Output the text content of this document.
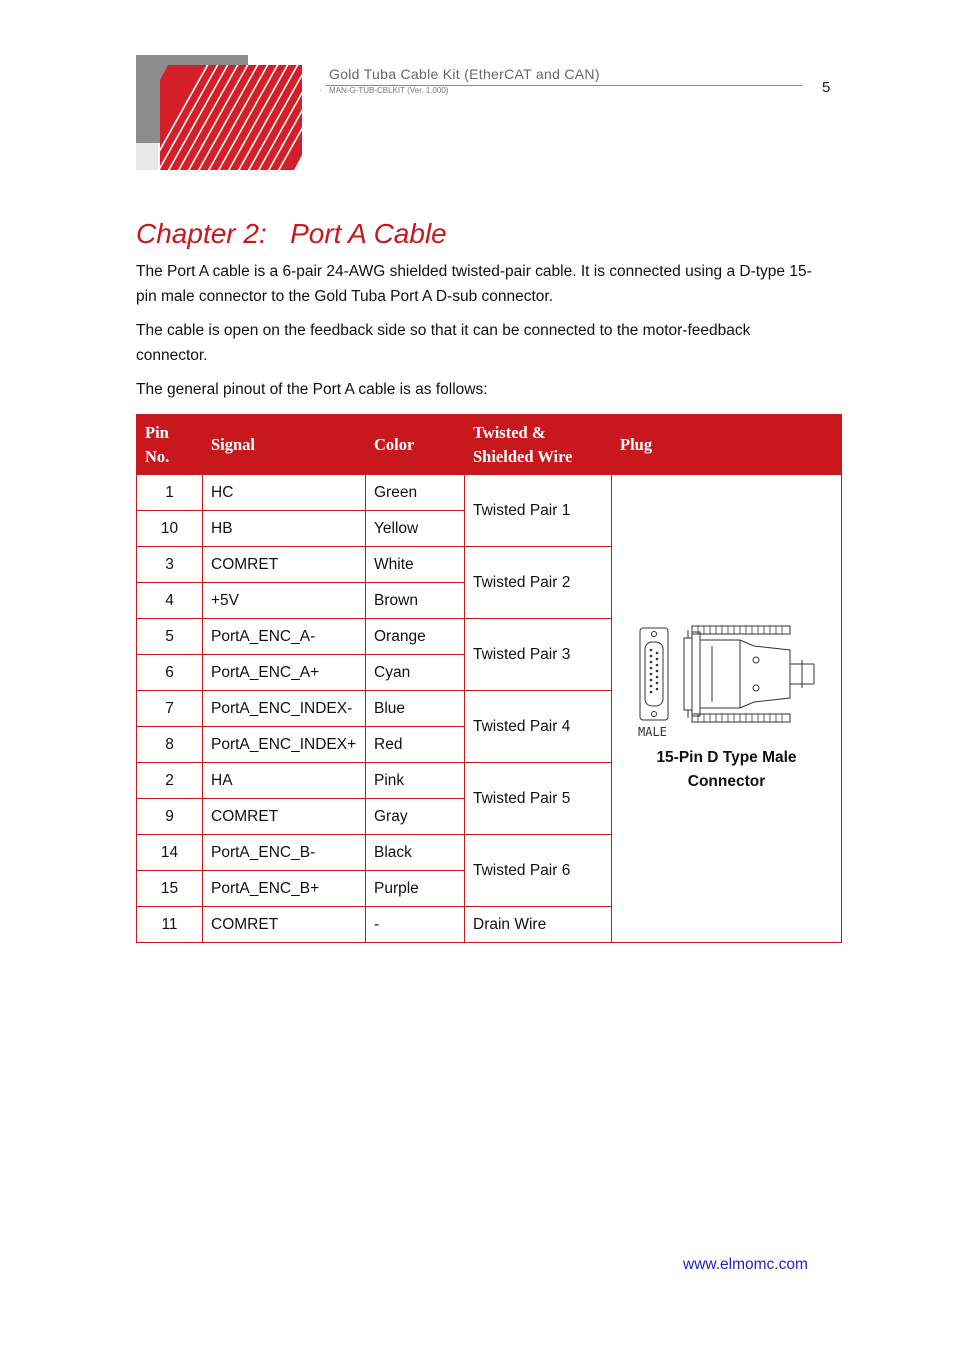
Gold Tuba Cable Kit (EtherCAT and CAN)
· MAN-G-TUB-CBLKIT (Ver. 1.000)	5
Chapter 2:   Port A Cable

The Port A cable is a 6-pair 24-AWG shielded twisted-pair cable. It is connected using a D-type 15-pin male connector to the Gold Tuba Port A D-sub connector.

The cable is open on the feedback side so that it can be connected to the motor-feedback connector.

The general pinout of the Port A cable is as follows:

Pin No.	Signal	Color	Twisted & Shielded Wire	Plug
1	HC	Green	Twisted Pair 1	MALE
15-Pin D Type Male Connector

10	HB	Yellow		
3	COMRET	White	Twisted Pair 2	
4	+5V	Brown		
5	PortA_ENC_A-	Orange	Twisted Pair 3	
6	PortA_ENC_A+	Cyan		
7	PortA_ENC_INDEX-	Blue	Twisted Pair 4	
8	PortA_ENC_INDEX+	Red		
2	HA	Pink	Twisted Pair 5	
9	COMRET	Gray		
14	PortA_ENC_B-	Black	Twisted Pair 6	
15	PortA_ENC_B+	Purple		
11	COMRET	-	Drain Wire	
www.elmomc.com
